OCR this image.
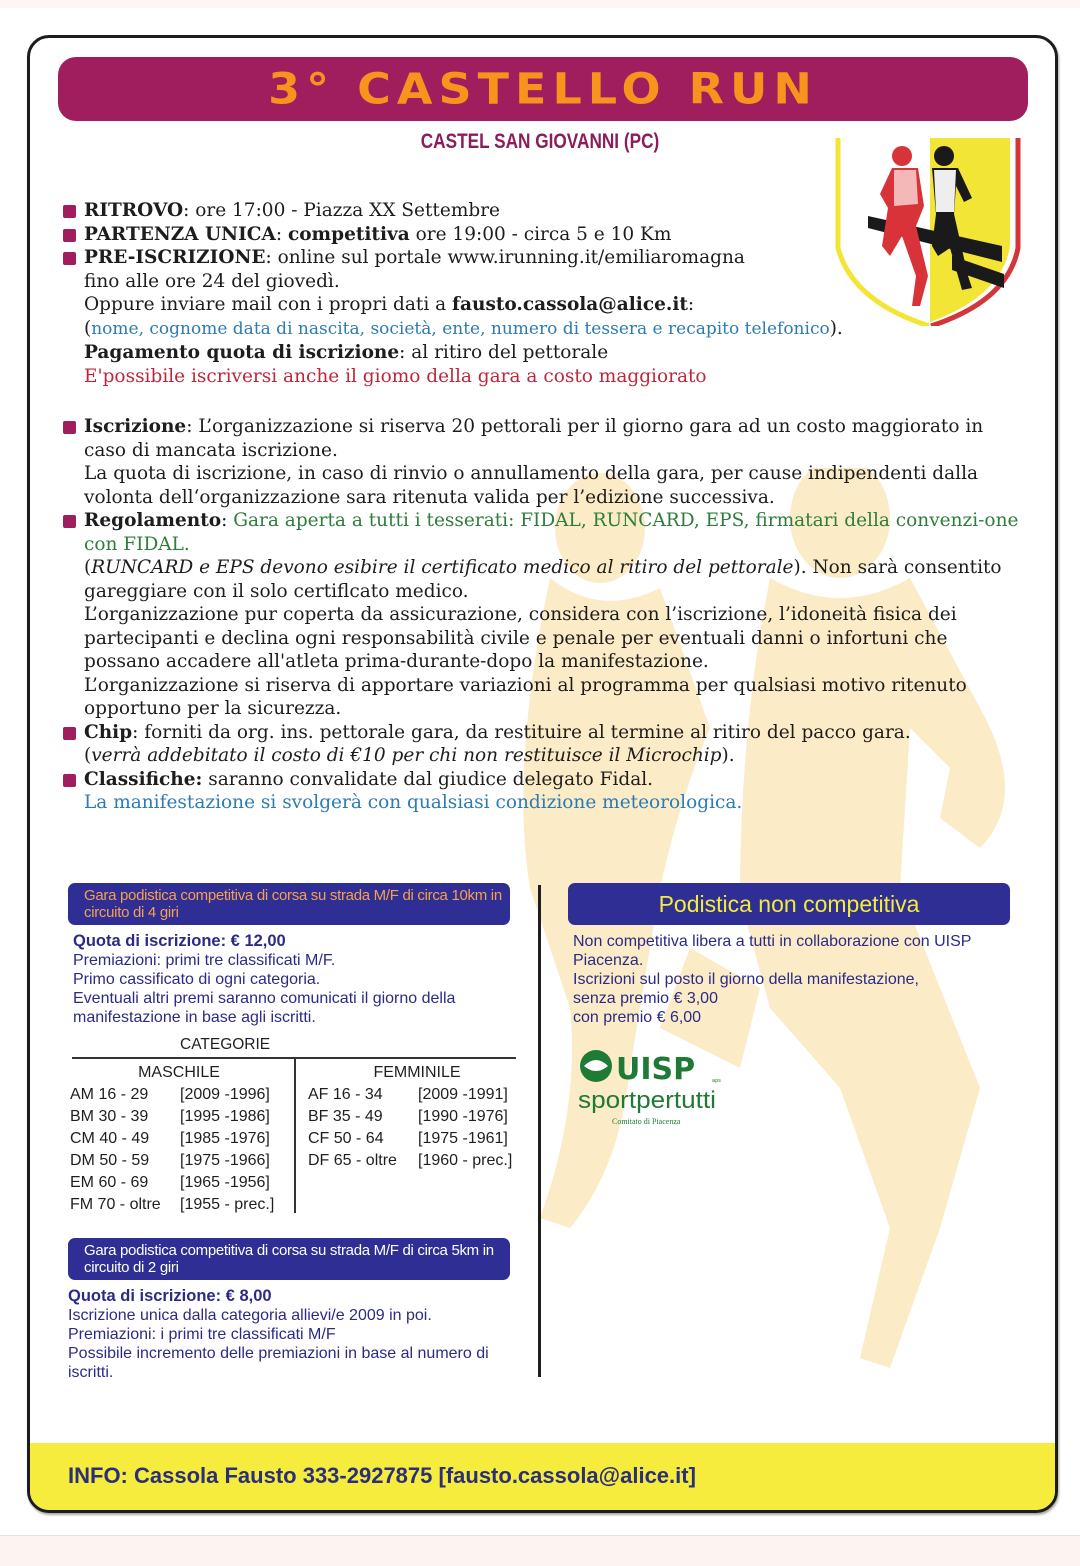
3° CASTELLO RUN
CASTEL SAN GIOVANNI (PC)
RITROVO: ore 17:00 - Piazza XX Settembre
PARTENZA UNICA: competitiva ore 19:00 - circa 5 e 10 Km
PRE-ISCRIZIONE: online sul portale www.irunning.it/emiliaromagna
fino alle ore 24 del giovedì.
Oppure inviare mail con i propri dati a fausto.cassola@alice.it:
(nome, cognome data di nascita, società, ente, numero di tessera e recapito telefonico).
Pagamento quota di iscrizione: al ritiro del pettorale
E'possibile iscriversi anche il giomo della gara a costo maggiorato
Iscrizione: L’organizzazione si riserva 20 pettorali per il giorno gara ad un costo maggiorato in caso di mancata iscrizione.
La quota di iscrizione, in caso di rinvio o annullamento della gara, per cause indipendenti dalla volonta dell‘organizzazione sara ritenuta valida per l’edizione successiva.
Regolamento: Gara aperta a tutti i tesserati: FIDAL, RUNCARD, EPS, firmatari della convenzi-one con FIDAL.
(RUNCARD e EPS devono esibire il certificato medico al ritiro del pettorale). Non sarà consentito gareggiare con il solo certiflcato medico.
L’organizzazione pur coperta da assicurazione, considera con l’iscrizione, l’idoneità fisica dei partecipanti e declina ogni responsabilità civile e penale per eventuali danni o infortuni che possano accadere all'atleta prima-durante-dopo la manifestazione.
L’organizzazione si riserva di apportare variazioni al programma per qualsiasi motivo ritenuto opportuno per la sicurezza.
Chip: forniti da org. ins. pettorale gara, da restituire al termine al ritiro del pacco gara.
(verrà addebitato il costo di €10 per chi non restituisce il Microchip).
Classifiche: saranno convalidate dal giudice delegato Fidal.
La manifestazione si svolgerà con qualsiasi condizione meteorologica.
Gara podistica competitiva di corsa su strada M/F di circa 10km in circuito di 4 giri
Quota di iscrizione: € 12,00
Premiazioni: primi tre classificati M/F.
Primo cassificato di ogni categoria.
Eventuali altri premi saranno comunicati il giorno della manifestazione in base agli iscritti.
CATEGORIE
MASCHILE
AM 16 - 29	[2009 -1996]
BM 30 - 39	[1995 -1986]
CM 40 - 49	[1985 -1976]
DM 50 - 59	[1975 -1966]
EM 60 - 69	[1965 -1956]
FM 70 - oltre	[1955 - prec.]
FEMMINILE
AF 16 - 34	[2009 -1991]
BF 35 - 49	[1990 -1976]
CF 50 - 64	[1975 -1961]
DF 65 - oltre	[1960 - prec.]
Gara podistica competitiva di corsa su strada M/F di circa 5km in circuito di 2 giri
Quota di iscrizione: € 8,00
Iscrizione unica dalla categoria allievi/e 2009 in poi.
Premiazioni: i primi tre classificati M/F
Possibile incremento delle premiazioni in base al numero di iscritti.
Podistica non competitiva
Non competitiva libera a tutti in collaborazione con UISP Piacenza.
Iscrizioni sul posto il giorno della manifestazione,
senza premio € 3,00
con premio € 6,00
UISP	aps
sportpertutti
Comitato di Piacenza
INFO: Cassola Fausto 333-2927875 [fausto.cassola@alice.it]
